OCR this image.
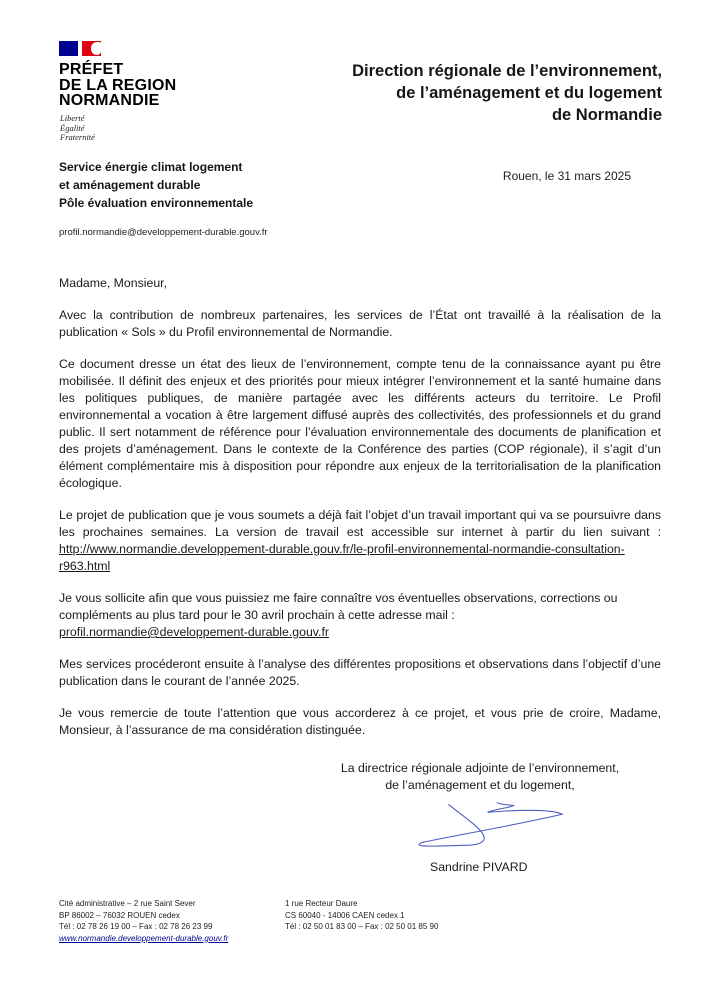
PRÉFET
DE LA REGION
NORMANDIE
Liberté
Égalité
Fraternité
Direction régionale de l’environnement,
de l’aménagement et du logement
de Normandie
Service énergie climat logement
et aménagement durable
Pôle évaluation environnementale
profil.normandie@developpement-durable.gouv.fr
Rouen, le 31 mars 2025

Madame, Monsieur,

Avec la contribution de nombreux partenaires, les services de l’État ont travaillé à la réalisation de la publication « Sols » du Profil environnemental de Normandie.

Ce document dresse un état des lieux de l’environnement, compte tenu de la connaissance ayant pu être mobilisée. Il définit des enjeux et des priorités pour mieux intégrer l’environnement et la santé humaine dans les politiques publiques, de manière partagée avec les différents acteurs du territoire. Le Profil environnemental a vocation à être largement diffusé auprès des collectivités, des professionnels et du grand public. Il sert notamment de référence pour l’évaluation environnementale des documents de planification et des projets d’aménagement. Dans le contexte de la Conférence des parties (COP régionale), il s’agit d’un élément complémentaire mis à disposition pour répondre aux enjeux de la territorialisation de la planification écologique.

Le projet de publication que je vous soumets a déjà fait l’objet d’un travail important qui va se poursuivre dans les prochaines semaines. La version de travail est accessible sur internet à partir du lien suivant : http://www.normandie.developpement-durable.gouv.fr/le-profil-environnemental-normandie-consultation-r963.html

Je vous sollicite afin que vous puissiez me faire connaître vos éventuelles observations, corrections ou compléments au plus tard pour le 30 avril prochain à cette adresse mail :
profil.normandie@developpement-durable.gouv.fr

Mes services procéderont ensuite à l’analyse des différentes propositions et observations dans l’objectif d’une publication dans le courant de l’année 2025.

Je vous remercie de toute l’attention que vous accorderez à ce projet, et vous prie de croire, Madame, Monsieur, à l’assurance de ma considération distinguée.

La directrice régionale adjointe de l’environnement,
de l’aménagement et du logement,
Sandrine PIVARD
Cité administrative – 2 rue Saint Sever
BP 86002 – 76032 ROUEN cedex
Tél : 02 78 26 19 00 – Fax : 02 78 26 23 99
www.normandie.developpement-durable.gouv.fr
1 rue Recteur Daure
CS 60040 - 14006 CAEN cedex 1
Tél : 02 50 01 83 00 – Fax : 02 50 01 85 90
